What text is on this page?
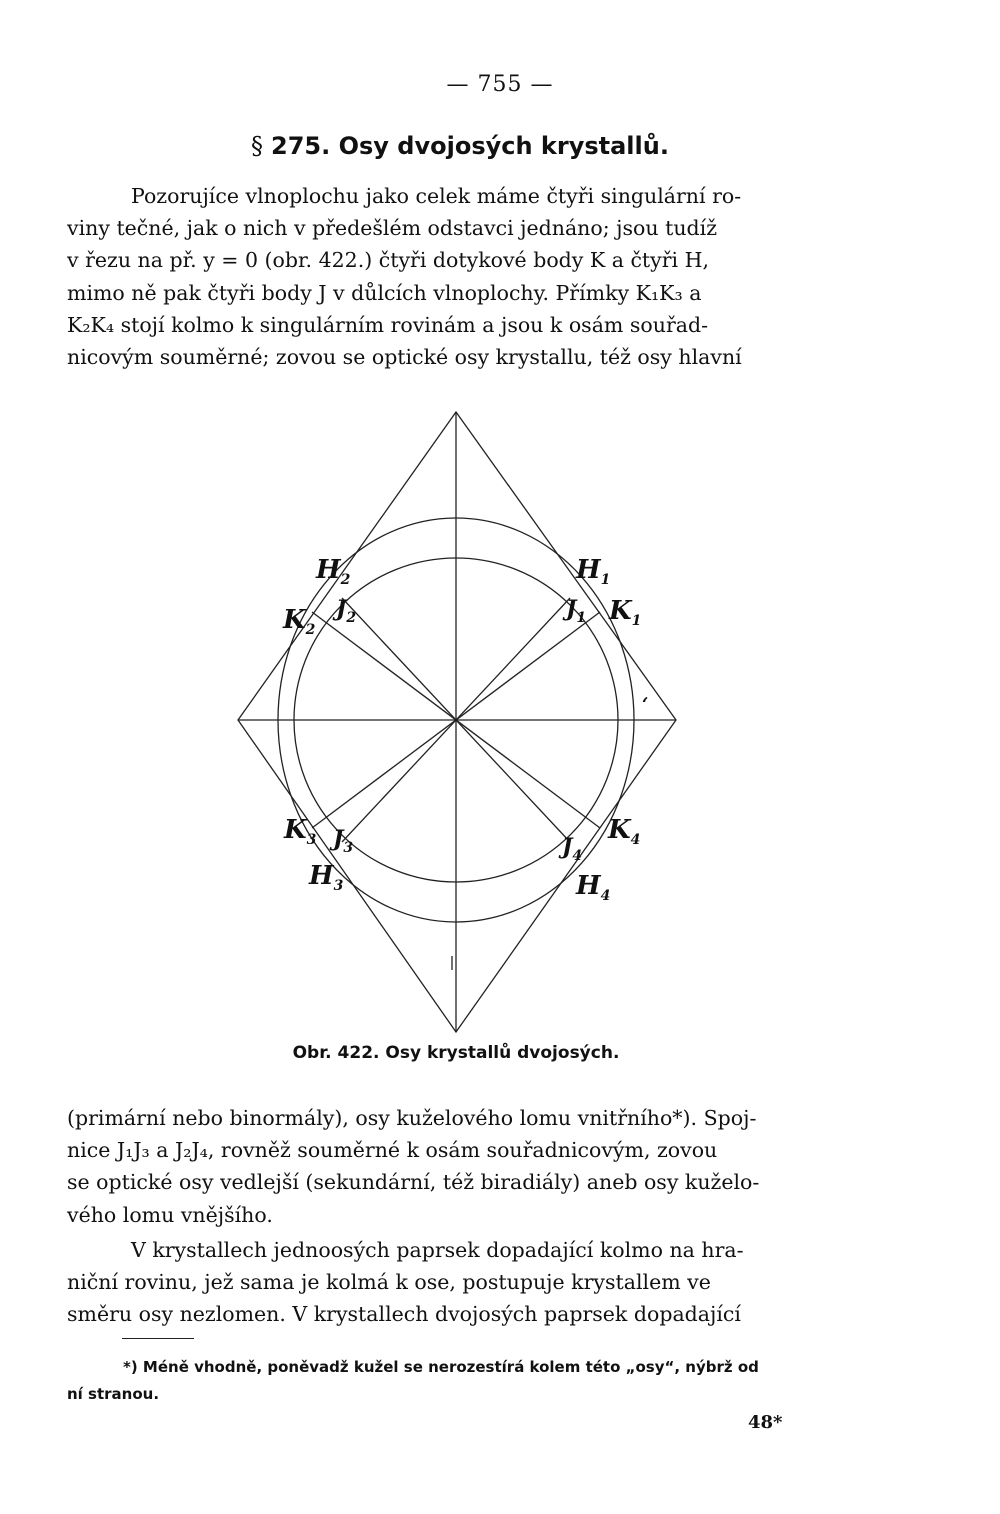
— 755 —
§ 275. Osy dvojosých krystallů.
Pozorujíce vlnoplochu jako celek máme čtyři singulární ro-
viny tečné, jak o nich v předešlém odstavci jednáno; jsou tudíž
v řezu na př. y = 0 (obr. 422.) čtyři dotykové body K a čtyři H,
mimo ně pak čtyři body J v důlcích vlnoplochy. Přímky K₁K₃ a
K₂K₄ stojí kolmo k singulárním rovinám a jsou k osám souřad-
nicovým souměrné; zovou se optické osy krystallu, též osy hlavní
$H_2$
$K_2$
$J_2$
$H_1$
$J_1$ $K_1$
‘
$K_3$ $J_3$
$H_3$
$J_4$
$K_4$
$H_4$
Obr. 422. Osy krystallů dvojosých.
(primární nebo binormály), osy kuželového lomu vnitřního*). Spoj-
nice J₁J₃ a J₂J₄, rovněž souměrné k osám souřadnicovým, zovou
se optické osy vedlejší (sekundární, též biradiály) aneb osy kuželo-
vého lomu vnějšího.
V krystallech jednoosých paprsek dopadající kolmo na hra-
niční rovinu, jež sama je kolmá k ose, postupuje krystallem ve
směru osy nezlomen. V krystallech dvojosých paprsek dopadající
*) Méně vhodně, poněvadž kužel se nerozestírá kolem této „osy“, nýbrž od
ní stranou.
48*
